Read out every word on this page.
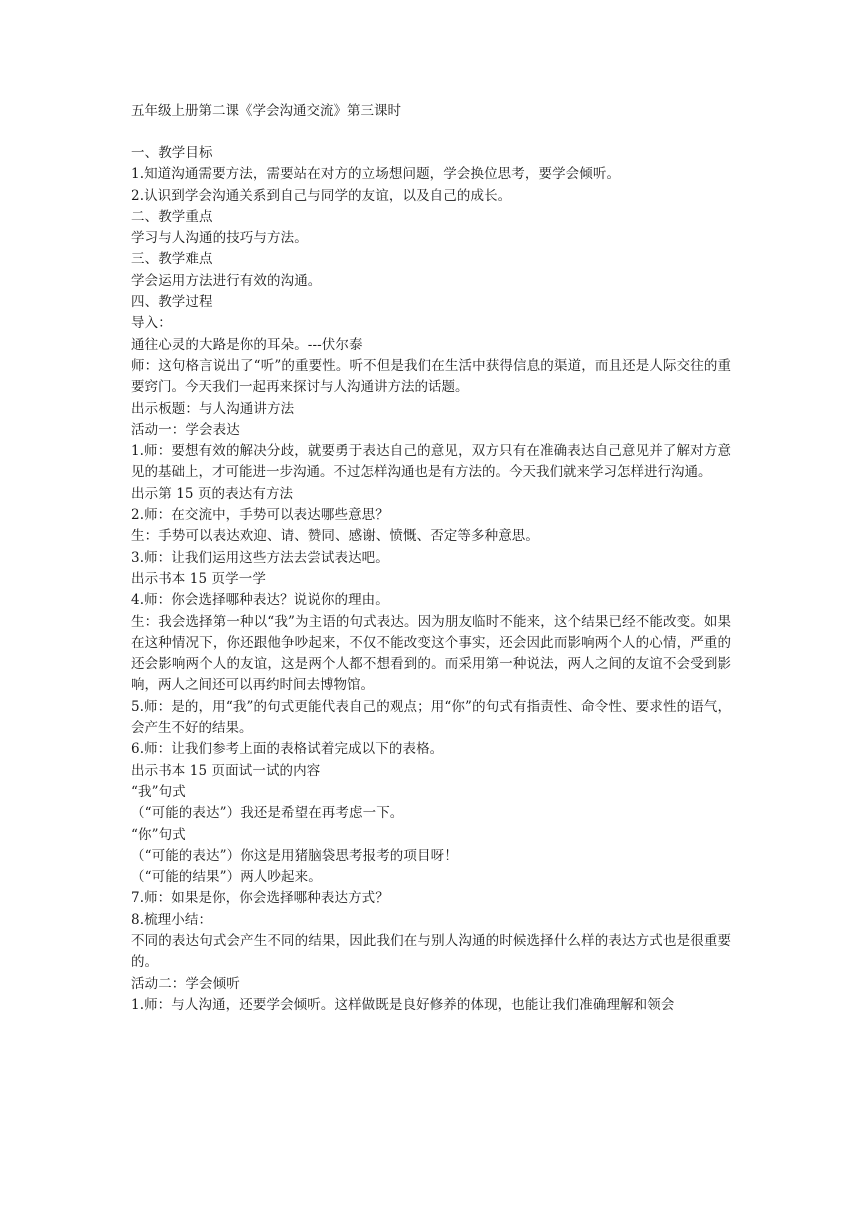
五年级上册第二课《学会沟通交流》第三课时
一、教学目标
1.知道沟通需要方法，需要站在对方的立场想问题，学会换位思考，要学会倾听。
2.认识到学会沟通关系到自己与同学的友谊，以及自己的成长。
二、教学重点
学习与人沟通的技巧与方法。
三、教学难点
学会运用方法进行有效的沟通。
四、教学过程
导入：
通往心灵的大路是你的耳朵。---伏尔泰
师：这句格言说出了“听”的重要性。听不但是我们在生活中获得信息的渠道，而且还是人际交往的重要窍门。今天我们一起再来探讨与人沟通讲方法的话题。
出示板题：与人沟通讲方法
活动一：学会表达
1.师：要想有效的解决分歧，就要勇于表达自己的意见，双方只有在准确表达自己意见并了解对方意见的基础上，才可能进一步沟通。不过怎样沟通也是有方法的。今天我们就来学习怎样进行沟通。
出示第 15 页的表达有方法
2.师：在交流中，手势可以表达哪些意思？
生：手势可以表达欢迎、请、赞同、感谢、愤慨、否定等多种意思。
3.师：让我们运用这些方法去尝试表达吧。
出示书本 15 页学一学
4.师：你会选择哪种表达？说说你的理由。
生：我会选择第一种以“我”为主语的句式表达。因为朋友临时不能来，这个结果已经不能改变。如果在这种情况下，你还跟他争吵起来，不仅不能改变这个事实，还会因此而影响两个人的心情，严重的还会影响两个人的友谊，这是两个人都不想看到的。而采用第一种说法，两人之间的友谊不会受到影响，两人之间还可以再约时间去博物馆。
5.师：是的，用“我”的句式更能代表自己的观点；用“你”的句式有指责性、命令性、要求性的语气，会产生不好的结果。
6.师：让我们参考上面的表格试着完成以下的表格。
出示书本 15 页面试一试的内容
“我”句式
（“可能的表达”）我还是希望在再考虑一下。
“你”句式
（“可能的表达”）你这是用猪脑袋思考报考的项目呀！
（“可能的结果”）两人吵起来。
7.师：如果是你，你会选择哪种表达方式？
8.梳理小结：
不同的表达句式会产生不同的结果，因此我们在与别人沟通的时候选择什么样的表达方式也是很重要的。
活动二：学会倾听
1.师：与人沟通，还要学会倾听。这样做既是良好修养的体现，也能让我们准确理解和领会
